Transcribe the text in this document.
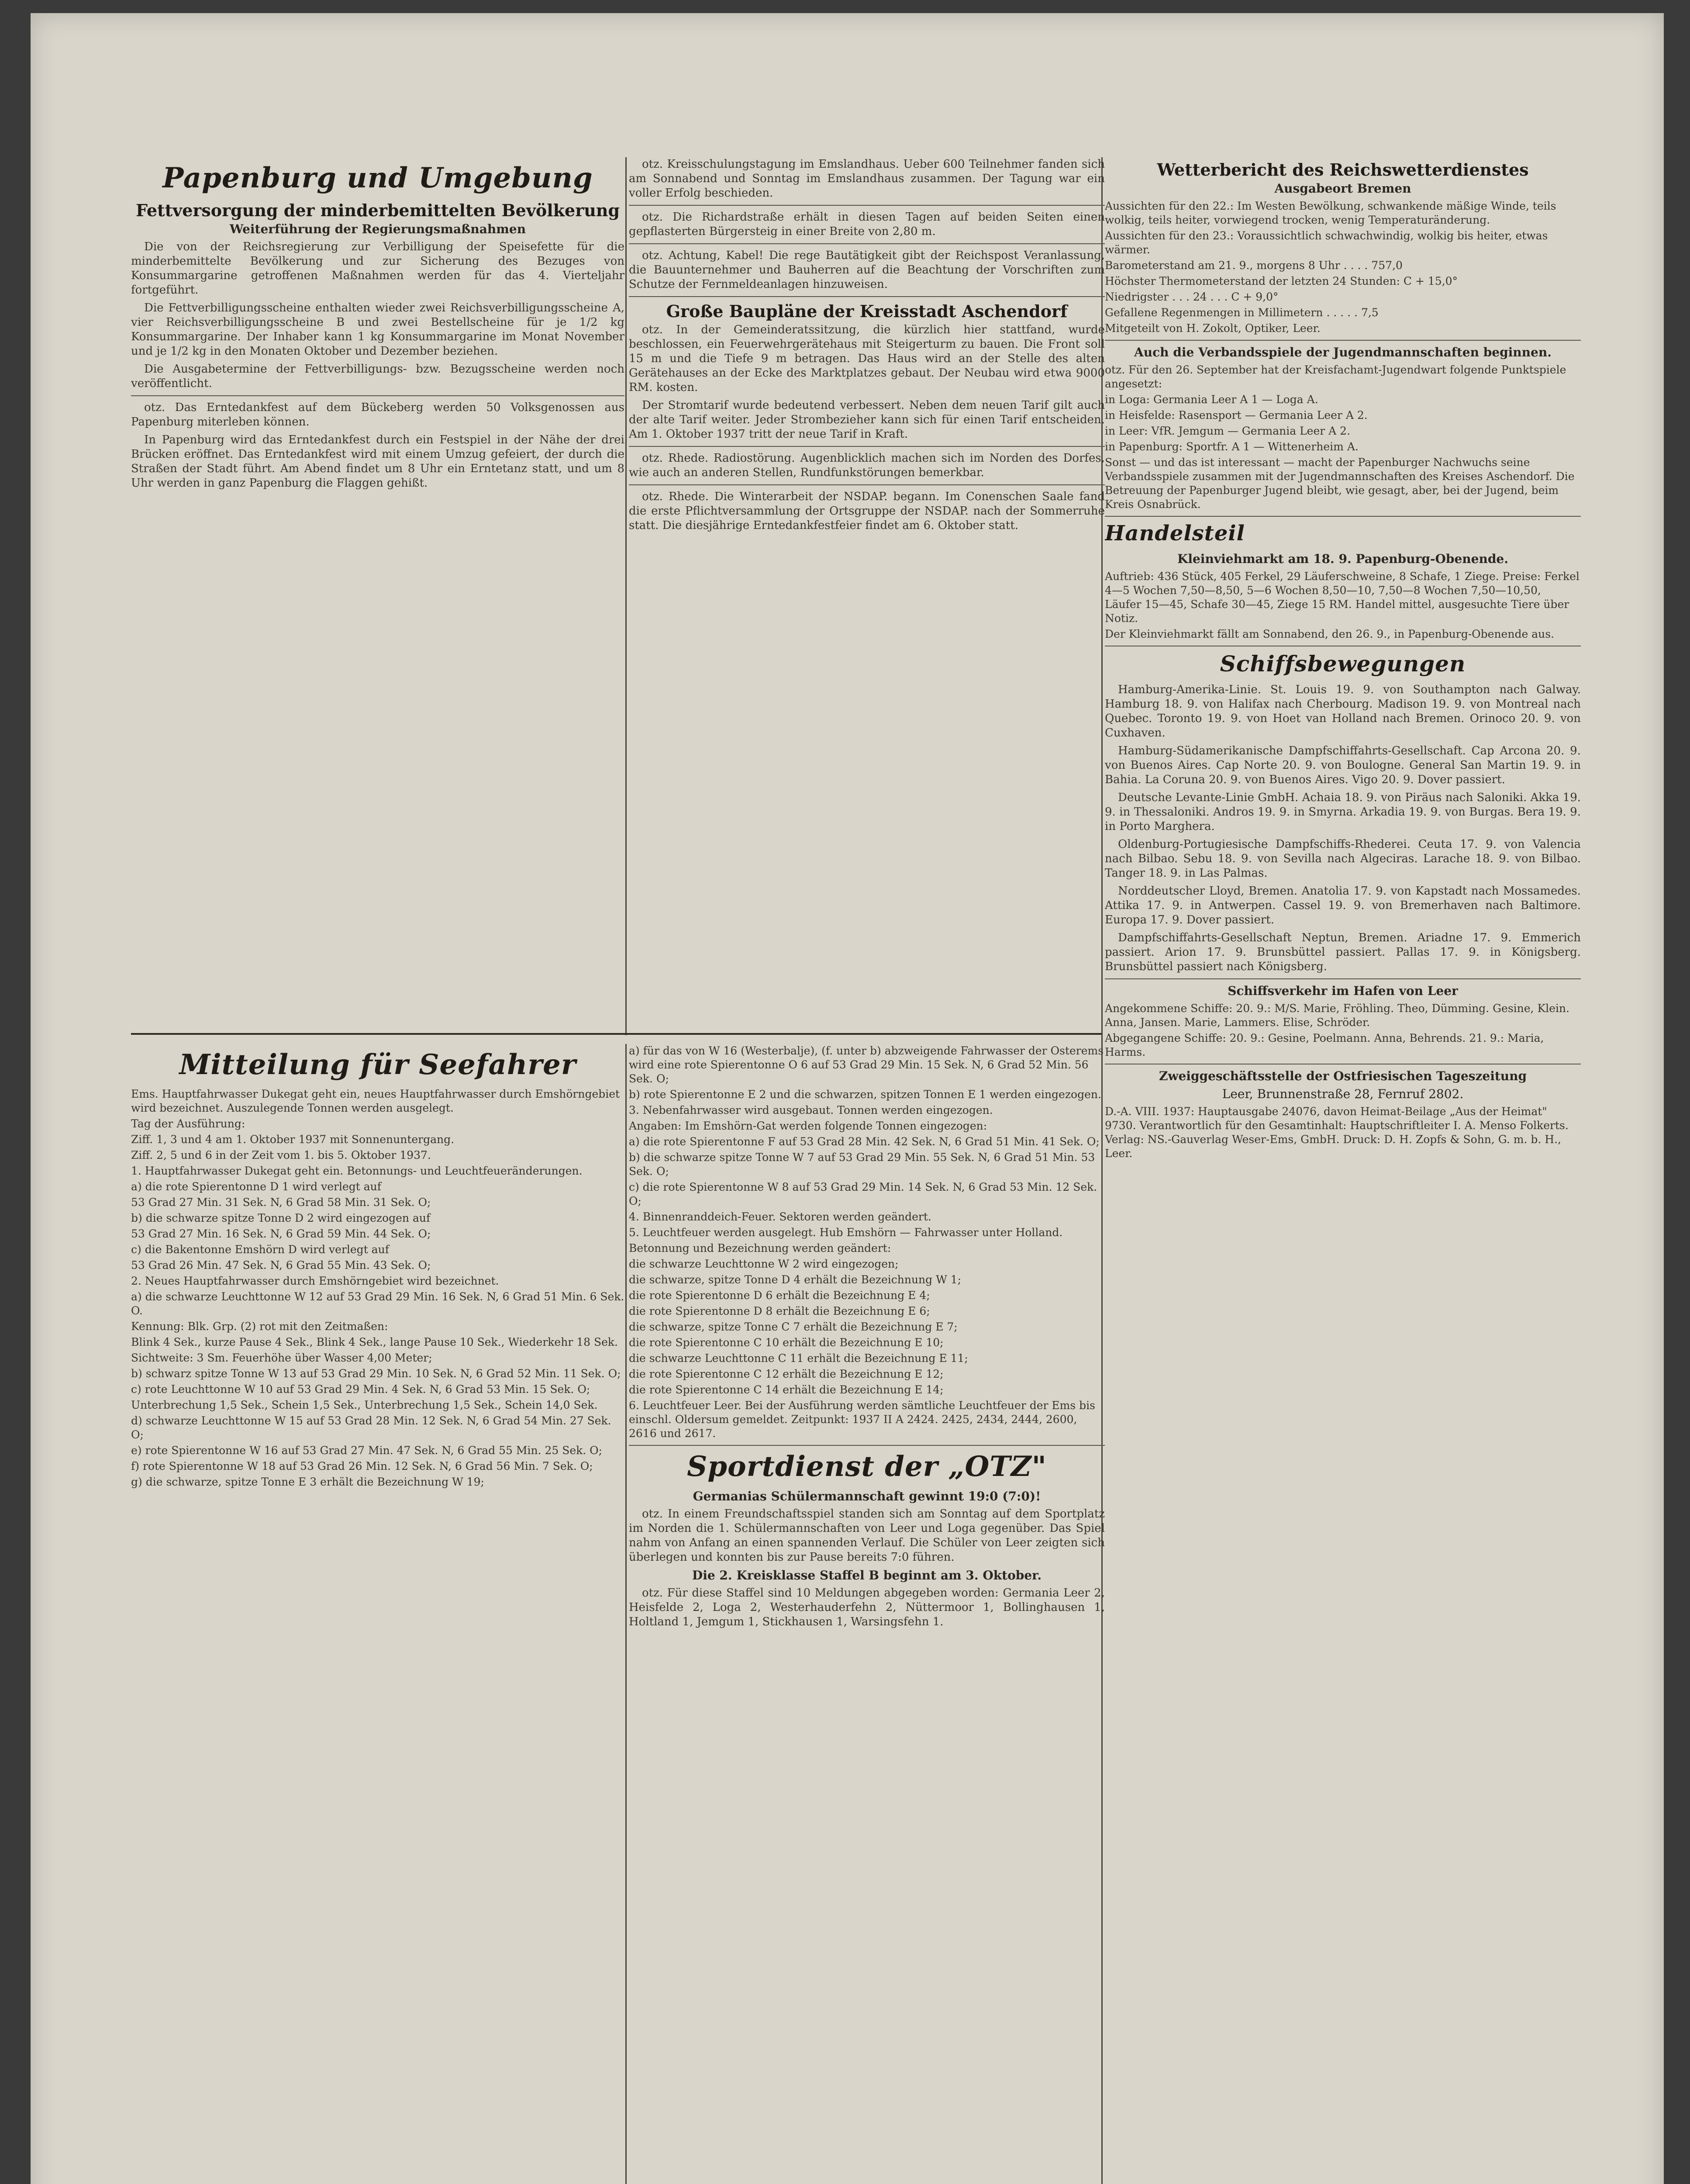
Papenburg und Umgebung
Fettversorgung der minderbemittelten Bevölkerung
Weiterführung der Regierungsmaßnahmen

Die von der Reichsregierung zur Verbilligung der Speisefette für die minderbemittelte Bevölkerung und zur Sicherung des Bezuges von Konsummargarine getroffenen Maßnahmen werden für das 4. Vierteljahr fortgeführt.

Die Fettverbilligungsscheine enthalten wieder zwei Reichsverbilligungsscheine A, vier Reichsverbilligungsscheine B und zwei Bestellscheine für je 1/2 kg Konsummargarine. Der Inhaber kann 1 kg Konsummargarine im Monat November und je 1/2 kg in den Monaten Oktober und Dezember beziehen.

Die Ausgabetermine der Fettverbilligungs- bzw. Bezugsscheine werden noch veröffentlicht.

otz. Das Erntedankfest auf dem Bückeberg werden 50 Volksgenossen aus Papenburg miterleben können.

In Papenburg wird das Erntedankfest durch ein Festspiel in der Nähe der drei Brücken eröffnet. Das Erntedankfest wird mit einem Umzug gefeiert, der durch die Straßen der Stadt führt. Am Abend findet um 8 Uhr ein Erntetanz statt, und um 8 Uhr werden in ganz Papenburg die Flaggen gehißt.

otz. Kreisschulungstagung im Emslandhaus. Ueber 600 Teilnehmer fanden sich am Sonnabend und Sonntag im Emslandhaus zusammen. Der Tagung war ein voller Erfolg beschieden.

otz. Die Richardstraße erhält in diesen Tagen auf beiden Seiten einen gepflasterten Bürgersteig in einer Breite von 2,80 m.

otz. Achtung, Kabel! Die rege Bautätigkeit gibt der Reichspost Veranlassung, die Bauunternehmer und Bauherren auf die Beachtung der Vorschriften zum Schutze der Fernmeldeanlagen hinzuweisen.

Große Baupläne der Kreisstadt Aschendorf

otz. In der Gemeinderatssitzung, die kürzlich hier stattfand, wurde beschlossen, ein Feuerwehrgerätehaus mit Steigerturm zu bauen. Die Front soll 15 m und die Tiefe 9 m betragen. Das Haus wird an der Stelle des alten Gerätehauses an der Ecke des Marktplatzes gebaut. Der Neubau wird etwa 9000 RM. kosten.

Der Stromtarif wurde bedeutend verbessert. Neben dem neuen Tarif gilt auch der alte Tarif weiter. Jeder Strombezieher kann sich für einen Tarif entscheiden. Am 1. Oktober 1937 tritt der neue Tarif in Kraft.

otz. Rhede. Radiostörung. Augenblicklich machen sich im Norden des Dorfes, wie auch an anderen Stellen, Rundfunkstörungen bemerkbar.

otz. Rhede. Die Winterarbeit der NSDAP. begann. Im Conenschen Saale fand die erste Pflichtversammlung der Ortsgruppe der NSDAP. nach der Sommerruhe statt. Die diesjährige Erntedankfestfeier findet am 6. Oktober statt.

Wetterbericht des Reichswetterdienstes
Ausgabeort Bremen
Aussichten für den 22.: Im Westen Bewölkung, schwankende mäßige Winde, teils wolkig, teils heiter, vorwiegend trocken, wenig Temperaturänderung.
Aussichten für den 23.: Voraussichtlich schwachwindig, wolkig bis heiter, etwas wärmer.
Barometerstand am 21. 9., morgens 8 Uhr . . . . 757,0
Höchster Thermometerstand der letzten 24 Stunden: C + 15,0°
Niedrigster . . . 24 . . . C + 9,0°
Gefallene Regenmengen in Millimetern . . . . . 7,5
Mitgeteilt von H. Zokolt, Optiker, Leer.
Auch die Verbandsspiele der Jugendmannschaften beginnen.
otz. Für den 26. September hat der Kreisfachamt-Jugendwart folgende Punktspiele angesetzt:
in Loga: Germania Leer A 1 — Loga A.
in Heisfelde: Rasensport — Germania Leer A 2.
in Leer: VfR. Jemgum — Germania Leer A 2.
in Papenburg: Sportfr. A 1 — Wittenerheim A.
Sonst — und das ist interessant — macht der Papenburger Nachwuchs seine Verbandsspiele zusammen mit der Jugendmannschaften des Kreises Aschendorf. Die Betreuung der Papenburger Jugend bleibt, wie gesagt, aber, bei der Jugend, beim Kreis Osnabrück.
Handelsteil
Kleinviehmarkt am 18. 9. Papenburg-Obenende.
Auftrieb: 436 Stück, 405 Ferkel, 29 Läuferschweine, 8 Schafe, 1 Ziege. Preise: Ferkel 4—5 Wochen 7,50—8,50, 5—6 Wochen 8,50—10, 7,50—8 Wochen 7,50—10,50, Läufer 15—45, Schafe 30—45, Ziege 15 RM. Handel mittel, ausgesuchte Tiere über Notiz.
Der Kleinviehmarkt fällt am Sonnabend, den 26. 9., in Papenburg-Obenende aus.
Schiffsbewegungen

Hamburg-Amerika-Linie. St. Louis 19. 9. von Southampton nach Galway. Hamburg 18. 9. von Halifax nach Cherbourg. Madison 19. 9. von Montreal nach Quebec. Toronto 19. 9. von Hoet van Holland nach Bremen. Orinoco 20. 9. von Cuxhaven.

Hamburg-Südamerikanische Dampfschiffahrts-Gesellschaft. Cap Arcona 20. 9. von Buenos Aires. Cap Norte 20. 9. von Boulogne. General San Martin 19. 9. in Bahia. La Coruna 20. 9. von Buenos Aires. Vigo 20. 9. Dover passiert.

Deutsche Levante-Linie GmbH. Achaia 18. 9. von Piräus nach Saloniki. Akka 19. 9. in Thessaloniki. Andros 19. 9. in Smyrna. Arkadia 19. 9. von Burgas. Bera 19. 9. in Porto Marghera.

Oldenburg-Portugiesische Dampfschiffs-Rhederei. Ceuta 17. 9. von Valencia nach Bilbao. Sebu 18. 9. von Sevilla nach Algeciras. Larache 18. 9. von Bilbao. Tanger 18. 9. in Las Palmas.

Norddeutscher Lloyd, Bremen. Anatolia 17. 9. von Kapstadt nach Mossamedes. Attika 17. 9. in Antwerpen. Cassel 19. 9. von Bremerhaven nach Baltimore. Europa 17. 9. Dover passiert.

Dampfschiffahrts-Gesellschaft Neptun, Bremen. Ariadne 17. 9. Emmerich passiert. Arion 17. 9. Brunsbüttel passiert. Pallas 17. 9. in Königsberg. Brunsbüttel passiert nach Königsberg.

Schiffsverkehr im Hafen von Leer
Angekommene Schiffe: 20. 9.: M/S. Marie, Fröhling. Theo, Dümming. Gesine, Klein. Anna, Jansen. Marie, Lammers. Elise, Schröder.
Abgegangene Schiffe: 20. 9.: Gesine, Poelmann. Anna, Behrends. 21. 9.: Maria, Harms.
Zweiggeschäftsstelle der Ostfriesischen Tageszeitung
Leer, Brunnenstraße 28, Fernruf 2802.
D.-A. VIII. 1937: Hauptausgabe 24076, davon Heimat-Beilage „Aus der Heimat" 9730. Verantwortlich für den Gesamtinhalt: Hauptschriftleiter I. A. Menso Folkerts. Verlag: NS.-Gauverlag Weser-Ems, GmbH. Druck: D. H. Zopfs & Sohn, G. m. b. H., Leer.
Mitteilung für Seefahrer
Ems. Hauptfahrwasser Dukegat geht ein, neues Hauptfahrwasser durch Emshörngebiet wird bezeichnet. Auszulegende Tonnen werden ausgelegt.
Tag der Ausführung:
Ziff. 1, 3 und 4 am 1. Oktober 1937 mit Sonnenuntergang.
Ziff. 2, 5 und 6 in der Zeit vom 1. bis 5. Oktober 1937.
1. Hauptfahrwasser Dukegat geht ein. Betonnungs- und Leuchtfeueränderungen.
a) die rote Spierentonne D 1 wird verlegt auf
53 Grad 27 Min. 31 Sek. N, 6 Grad 58 Min. 31 Sek. O;
b) die schwarze spitze Tonne D 2 wird eingezogen auf
53 Grad 27 Min. 16 Sek. N, 6 Grad 59 Min. 44 Sek. O;
c) die Bakentonne Emshörn D wird verlegt auf
53 Grad 26 Min. 47 Sek. N, 6 Grad 55 Min. 43 Sek. O;
2. Neues Hauptfahrwasser durch Emshörngebiet wird bezeichnet.
a) die schwarze Leuchttonne W 12 auf 53 Grad 29 Min. 16 Sek. N, 6 Grad 51 Min. 6 Sek. O.
Kennung: Blk. Grp. (2) rot mit den Zeitmaßen:
Blink 4 Sek., kurze Pause 4 Sek., Blink 4 Sek., lange Pause 10 Sek., Wiederkehr 18 Sek.
Sichtweite: 3 Sm. Feuerhöhe über Wasser 4,00 Meter;
b) schwarz spitze Tonne W 13 auf 53 Grad 29 Min. 10 Sek. N, 6 Grad 52 Min. 11 Sek. O;
c) rote Leuchttonne W 10 auf 53 Grad 29 Min. 4 Sek. N, 6 Grad 53 Min. 15 Sek. O;
Unterbrechung 1,5 Sek., Schein 1,5 Sek., Unterbrechung 1,5 Sek., Schein 14,0 Sek.
d) schwarze Leuchttonne W 15 auf 53 Grad 28 Min. 12 Sek. N, 6 Grad 54 Min. 27 Sek. O;
e) rote Spierentonne W 16 auf 53 Grad 27 Min. 47 Sek. N, 6 Grad 55 Min. 25 Sek. O;
f) rote Spierentonne W 18 auf 53 Grad 26 Min. 12 Sek. N, 6 Grad 56 Min. 7 Sek. O;
g) die schwarze, spitze Tonne E 3 erhält die Bezeichnung W 19;
a) für das von W 16 (Westerbalje), (f. unter b) abzweigende Fahrwasser der Osterems wird eine rote Spierentonne O 6 auf 53 Grad 29 Min. 15 Sek. N, 6 Grad 52 Min. 56 Sek. O;
b) rote Spierentonne E 2 und die schwarzen, spitzen Tonnen E 1 werden eingezogen.
3. Nebenfahrwasser wird ausgebaut. Tonnen werden eingezogen.
Angaben: Im Emshörn-Gat werden folgende Tonnen eingezogen:
a) die rote Spierentonne F auf 53 Grad 28 Min. 42 Sek. N, 6 Grad 51 Min. 41 Sek. O;
b) die schwarze spitze Tonne W 7 auf 53 Grad 29 Min. 55 Sek. N, 6 Grad 51 Min. 53 Sek. O;
c) die rote Spierentonne W 8 auf 53 Grad 29 Min. 14 Sek. N, 6 Grad 53 Min. 12 Sek. O;
4. Binnenranddeich-Feuer. Sektoren werden geändert.
5. Leuchtfeuer werden ausgelegt. Hub Emshörn — Fahrwasser unter Holland.
Betonnung und Bezeichnung werden geändert:
die schwarze Leuchttonne W 2 wird eingezogen;
die schwarze, spitze Tonne D 4 erhält die Bezeichnung W 1;
die rote Spierentonne D 6 erhält die Bezeichnung E 4;
die rote Spierentonne D 8 erhält die Bezeichnung E 6;
die schwarze, spitze Tonne C 7 erhält die Bezeichnung E 7;
die rote Spierentonne C 10 erhält die Bezeichnung E 10;
die schwarze Leuchttonne C 11 erhält die Bezeichnung E 11;
die rote Spierentonne C 12 erhält die Bezeichnung E 12;
die rote Spierentonne C 14 erhält die Bezeichnung E 14;
6. Leuchtfeuer Leer. Bei der Ausführung werden sämtliche Leuchtfeuer der Ems bis einschl. Oldersum gemeldet. Zeitpunkt: 1937 II A 2424. 2425, 2434, 2444, 2600, 2616 und 2617.
Sportdienst der „OTZ"
Germanias Schülermannschaft gewinnt 19:0 (7:0)!

otz. In einem Freundschaftsspiel standen sich am Sonntag auf dem Sportplatz im Norden die 1. Schülermannschaften von Leer und Loga gegenüber. Das Spiel nahm von Anfang an einen spannenden Verlauf. Die Schüler von Leer zeigten sich überlegen und konnten bis zur Pause bereits 7:0 führen.

Die 2. Kreisklasse Staffel B beginnt am 3. Oktober.

otz. Für diese Staffel sind 10 Meldungen abgegeben worden: Germania Leer 2, Heisfelde 2, Loga 2, Westerhauderfehn 2, Nüttermoor 1, Bollinghausen 1, Holtland 1, Jemgum 1, Stickhausen 1, Warsingsfehn 1.
